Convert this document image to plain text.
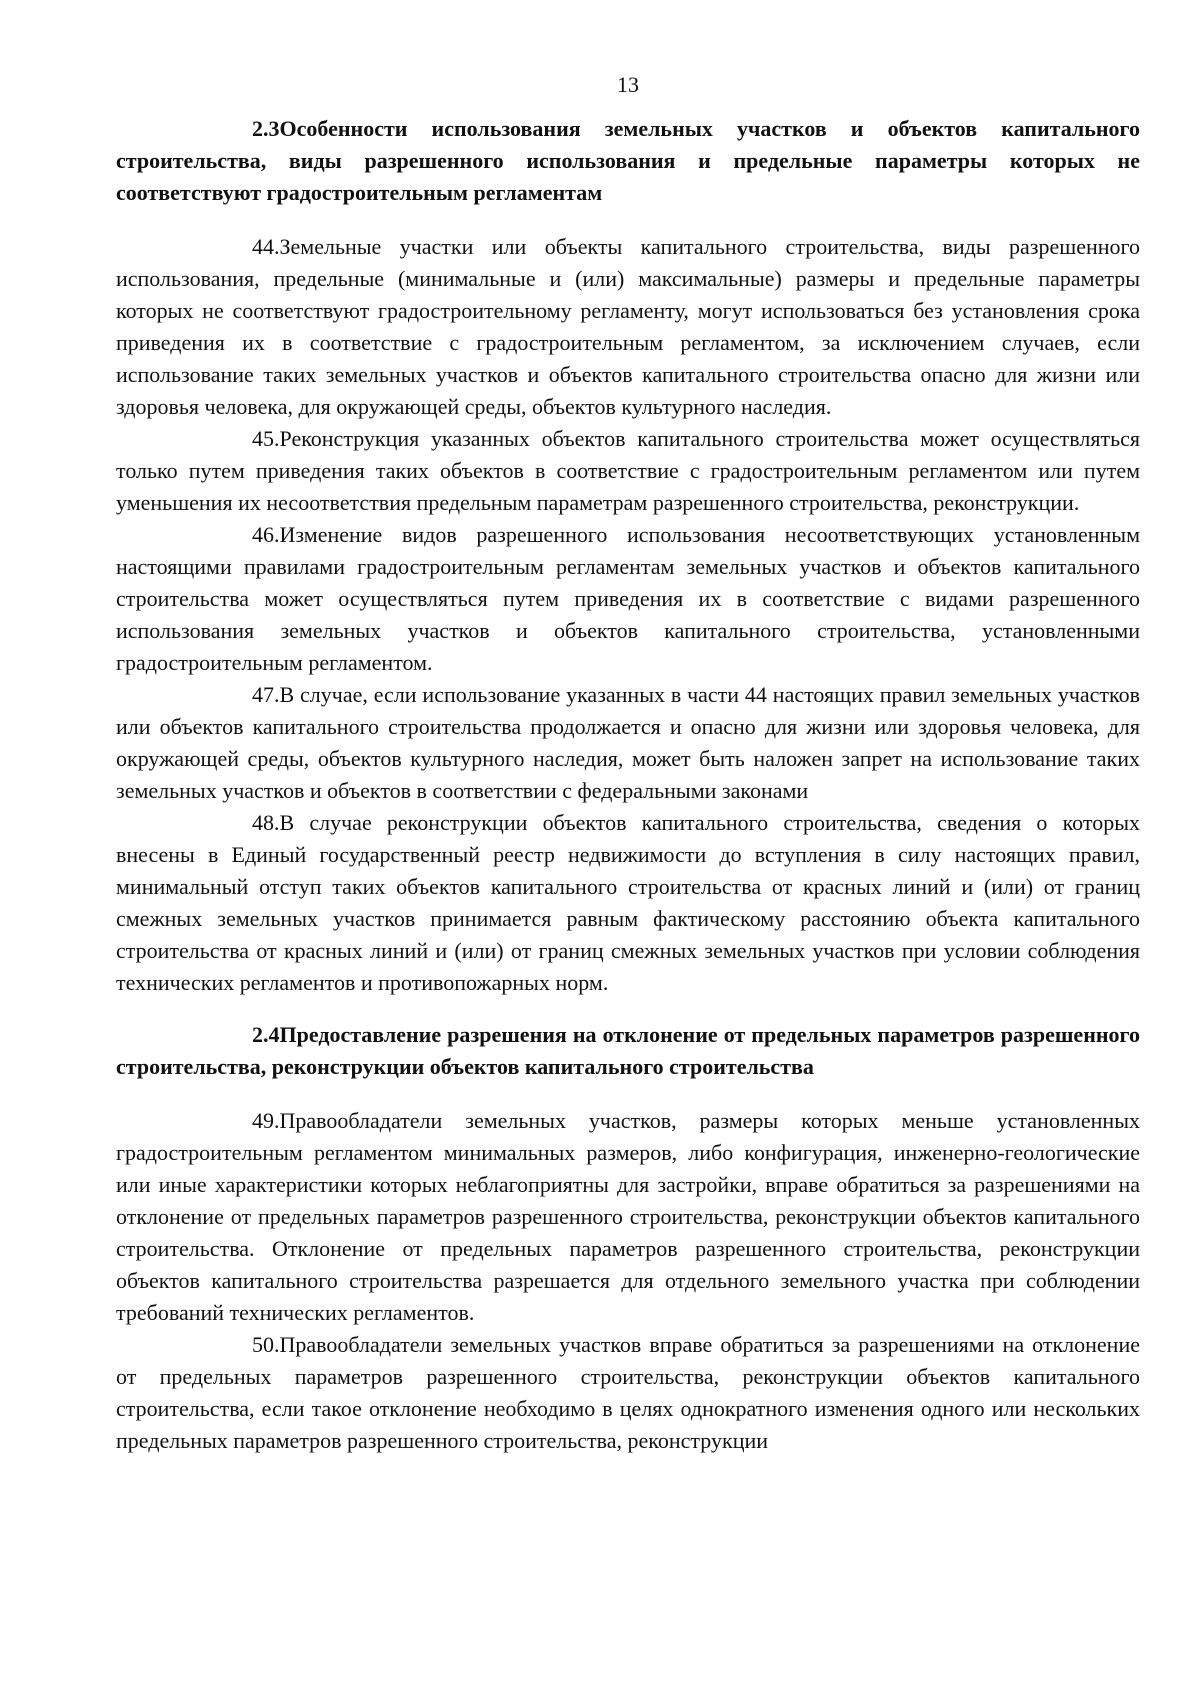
13

2.3Особенности использования земельных участков и объектов капитального строительства, виды разрешенного использования и предельные параметры которых не соответствуют градостроительным регламентам

44.Земельные участки или объекты капитального строительства, виды разрешенного использования, предельные (минимальные и (или) максимальные) размеры и предельные параметры которых не соответствуют градостроительному регламенту, могут использоваться без установления срока приведения их в соответствие с градостроительным регламентом, за исключением случаев, если использование таких земельных участков и объектов капитального строительства опасно для жизни или здоровья человека, для окружающей среды, объектов культурного наследия.

45.Реконструкция указанных объектов капитального строительства может осуществляться только путем приведения таких объектов в соответствие с градостроительным регламентом или путем уменьшения их несоответствия предельным параметрам разрешенного строительства, реконструкции.

46.Изменение видов разрешенного использования несоответствующих установленным настоящими правилами градостроительным регламентам земельных участков и объектов капитального строительства может осуществляться путем приведения их в соответствие с видами разрешенного использования земельных участков и объектов капитального строительства, установленными градостроительным регламентом.

47.В случае, если использование указанных в части 44 настоящих правил земельных участков или объектов капитального строительства продолжается и опасно для жизни или здоровья человека, для окружающей среды, объектов культурного наследия, может быть наложен запрет на использование таких земельных участков и объектов в соответствии с федеральными законами

48.В случае реконструкции объектов капитального строительства, сведения о которых внесены в Единый государственный реестр недвижимости до вступления в силу настоящих правил, минимальный отступ таких объектов капитального строительства от красных линий и (или) от границ смежных земельных участков принимается равным фактическому расстоянию объекта капитального строительства от красных линий и (или) от границ смежных земельных участков при условии соблюдения технических регламентов и противопожарных норм.

2.4Предоставление разрешения на отклонение от предельных параметров разрешенного строительства, реконструкции объектов капитального строительства

49.Правообладатели земельных участков, размеры которых меньше установленных градостроительным регламентом минимальных размеров, либо конфигурация, инженерно-геологические или иные характеристики которых неблагоприятны для застройки, вправе обратиться за разрешениями на отклонение от предельных параметров разрешенного строительства, реконструкции объектов капитального строительства. Отклонение от предельных параметров разрешенного строительства, реконструкции объектов капитального строительства разрешается для отдельного земельного участка при соблюдении требований технических регламентов.

50.Правообладатели земельных участков вправе обратиться за разрешениями на отклонение от предельных параметров разрешенного строительства, реконструкции объектов капитального строительства, если такое отклонение необходимо в целях однократного изменения одного или нескольких предельных параметров разрешенного строительства, реконструкции
